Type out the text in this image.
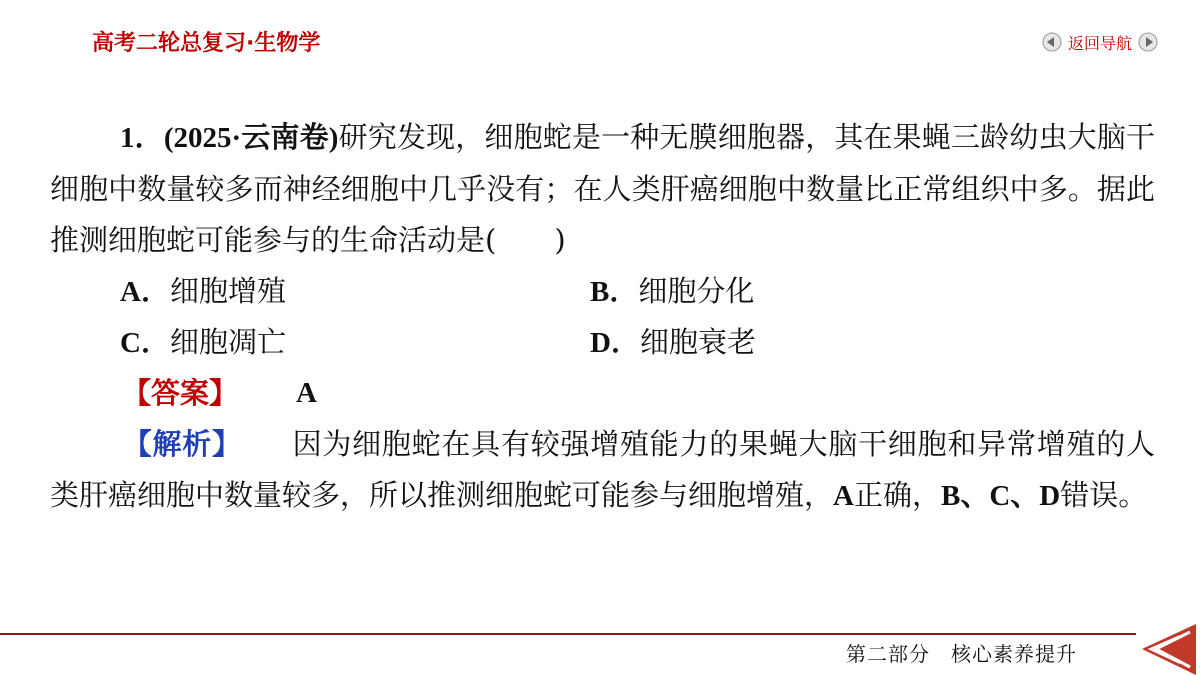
高考二轮总复习·生物学	返回导航

1．(2025·云南卷)研究发现，细胞蛇是一种无膜细胞器，其在果蝇三龄幼虫大脑干细胞中数量较多而神经细胞中几乎没有；在人类肝癌细胞中数量比正常组织中多。据此推测细胞蛇可能参与的生命活动是(　　)

A．细胞增殖	B．细胞分化
C．细胞凋亡	D．细胞衰老
【答案】 A

【解析】 因为细胞蛇在具有较强增殖能力的果蝇大脑干细胞和异常增殖的人类肝癌细胞中数量较多，所以推测细胞蛇可能参与细胞增殖，A正确，B、C、D错误。

第二部分　核心素养提升
